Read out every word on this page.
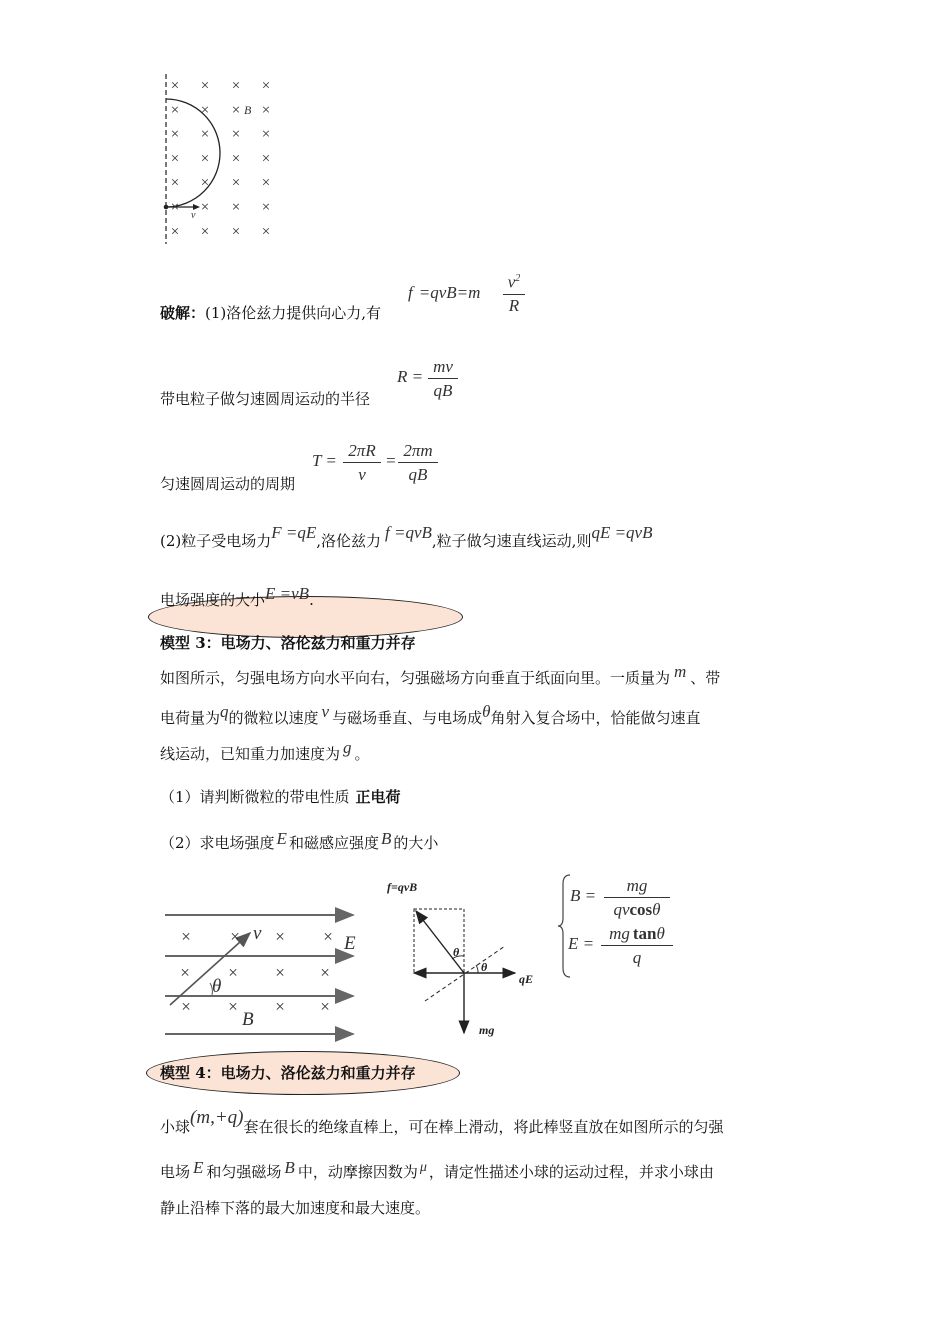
× × × ×
× × × ×
× × × ×
× × × ×
× × × ×
× × × ×
× × × ×
B
v
破解：(1)洛伦兹力提供向心力,有
f =qvB=m
$v^2$
R
带电粒子做匀速圆周运动的半径
$R = \frac{mv}{qB}$
匀速圆周运动的周期
$T = \frac{2\pi R}{v} = \frac{2\pi m}{qB}$
(2)粒子受电场力F =qE,洛伦兹力 f =qvB,粒子做匀速直线运动,则qE =qvB
电场强度的大小E =vB.
模型 3：电场力、洛伦兹力和重力并存
如图所示，匀强电场方向水平向右，匀强磁场方向垂直于纸面向里。一质量为 m 、带
电荷量为q的微粒以速度 v 与磁场垂直、与电场成θ角射入复合场中，恰能做匀速直
线运动，已知重力加速度为 g 。
（1）请判断微粒的带电性质 正电荷
（2）求电场强度 E 和磁感应强度 B 的大小
× × × ×
× × × ×
× × × ×
v	E
θ
B
f=qvB
θ
θ
qE
mg
B =
mg
qvcosθ
E =
mg tanθ
q
模型 4：电场力、洛伦兹力和重力并存
小球(m,+q)套在很长的绝缘直棒上，可在棒上滑动，将此棒竖直放在如图所示的匀强
电场 E 和匀强磁场 B 中，动摩擦因数为 μ ，请定性描述小球的运动过程，并求小球由
静止沿棒下落的最大加速度和最大速度。
